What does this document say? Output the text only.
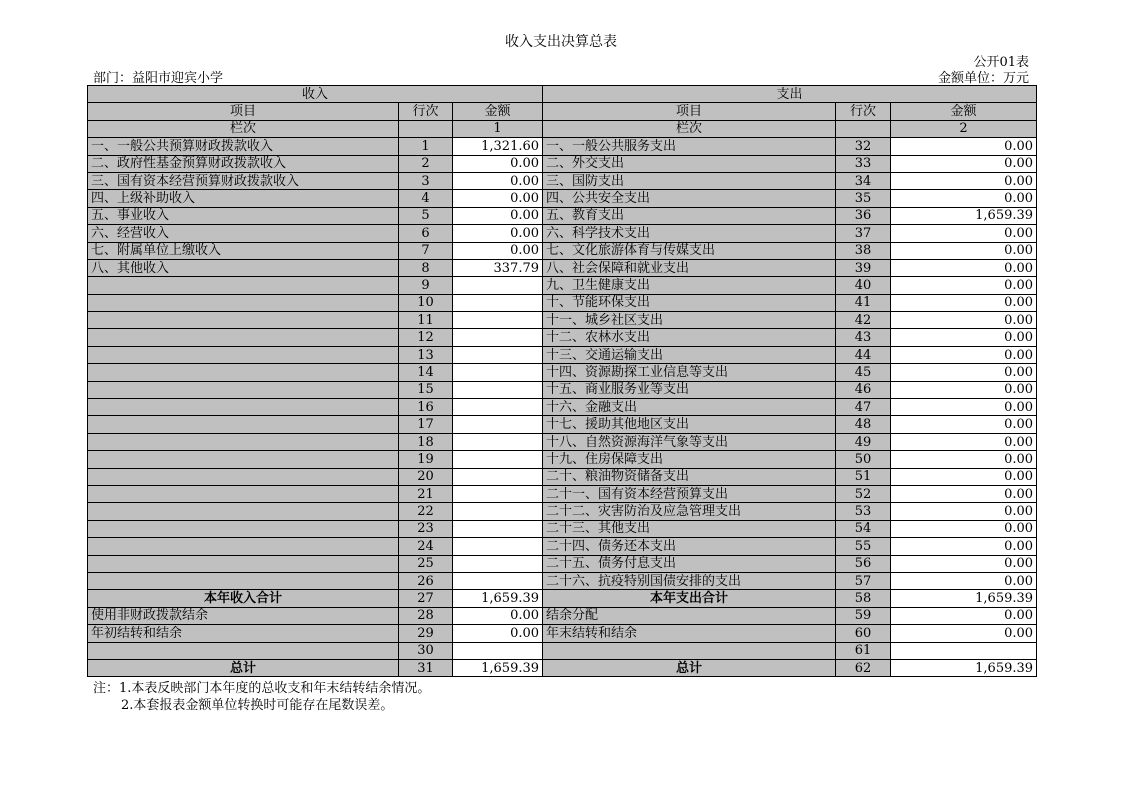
收入支出决算总表
公开01表
部门：益阳市迎宾小学	金额单位：万元
收入			支出		
项目	行次	金额	项目	行次	金额
栏次		1	栏次		2
一、一般公共预算财政拨款收入	1	1,321.60	一、一般公共服务支出	32	0.00
二、政府性基金预算财政拨款收入	2	0.00	二、外交支出	33	0.00
三、国有资本经营预算财政拨款收入	3	0.00	三、国防支出	34	0.00
四、上级补助收入	4	0.00	四、公共安全支出	35	0.00
五、事业收入	5	0.00	五、教育支出	36	1,659.39
六、经营收入	6	0.00	六、科学技术支出	37	0.00
七、附属单位上缴收入	7	0.00	七、文化旅游体育与传媒支出	38	0.00
八、其他收入	8	337.79	八、社会保障和就业支出	39	0.00
	9		九、卫生健康支出	40	0.00
	10		十、节能环保支出	41	0.00
	11		十一、城乡社区支出	42	0.00
	12		十二、农林水支出	43	0.00
	13		十三、交通运输支出	44	0.00
	14		十四、资源勘探工业信息等支出	45	0.00
	15		十五、商业服务业等支出	46	0.00
	16		十六、金融支出	47	0.00
	17		十七、援助其他地区支出	48	0.00
	18		十八、自然资源海洋气象等支出	49	0.00
	19		十九、住房保障支出	50	0.00
	20		二十、粮油物资储备支出	51	0.00
	21		二十一、国有资本经营预算支出	52	0.00
	22		二十二、灾害防治及应急管理支出	53	0.00
	23		二十三、其他支出	54	0.00
	24		二十四、债务还本支出	55	0.00
	25		二十五、债务付息支出	56	0.00
	26		二十六、抗疫特别国债安排的支出	57	0.00
本年收入合计	27	1,659.39	本年支出合计	58	1,659.39
使用非财政拨款结余	28	0.00	结余分配	59	0.00
年初结转和结余	29	0.00	年末结转和结余	60	0.00
	30			61	
总计	31	1,659.39	总计	62	1,659.39
注：1.本表反映部门本年度的总收支和年末结转结余情况。
2.本套报表金额单位转换时可能存在尾数误差。
